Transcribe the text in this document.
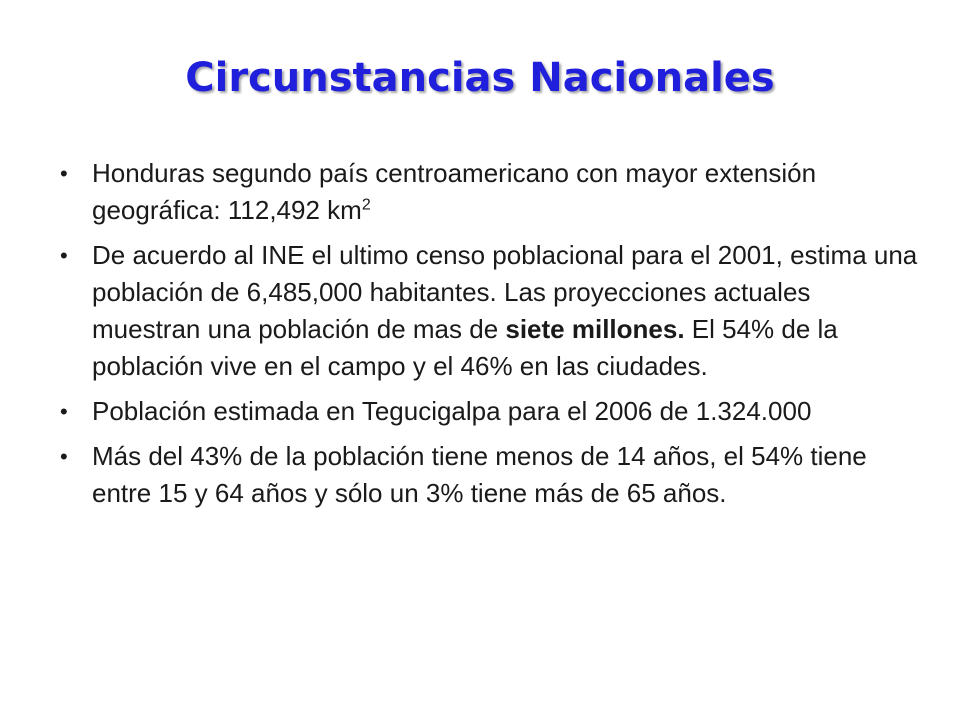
Circunstancias Nacionales
• Honduras segundo país centroamericano con mayor extensión geográfica: 112,492 $km^2$
• De acuerdo al INE el ultimo censo poblacional para el 2001, estima una población de 6,485,000 habitantes. Las proyecciones actuales muestran una población de mas de siete millones. El 54% de la población vive en el campo y el 46% en las ciudades.
• Población estimada en Tegucigalpa para el 2006 de 1.324.000
• Más del 43% de la población tiene menos de 14 años, el 54% tiene entre 15 y 64 años y sólo un 3% tiene más de 65 años.
